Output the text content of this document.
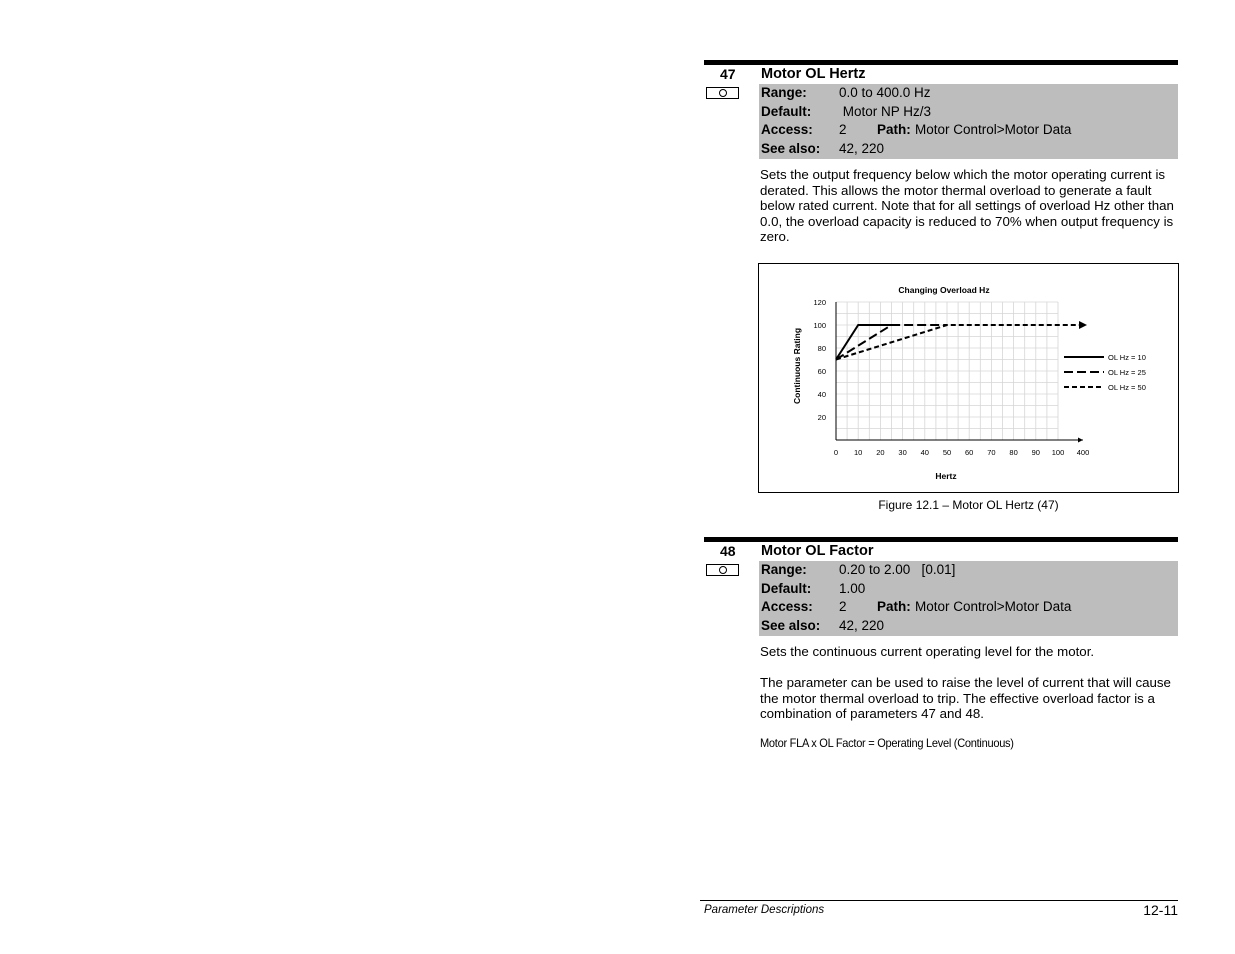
47 Motor OL Hertz
Range: 0.0 to 400.0 Hz
Default: Motor NP Hz/3
Access: 2 Path: Motor Control>Motor Data
See also: 42, 220

Sets the output frequency below which the motor operating current is derated. This allows the motor thermal overload to generate a fault below rated current. Note that for all settings of overload Hz other than 0.0, the overload capacity is reduced to 70% when output frequency is zero.

0 10 20 30 40 50 60 70 80 90 100 400
20
40
60
80
100
120
OL Hz = 10
OL Hz = 25
OL Hz = 50
Changing Overload Hz
Hertz
Continuous Rating
Figure 12.1 – Motor OL Hertz (47)
48 Motor OL Factor
Range: 0.20 to 2.00   [0.01]
Default: 1.00
Access: 2 Path: Motor Control>Motor Data
See also: 42, 220

Sets the continuous current operating level for the motor.

The parameter can be used to raise the level of current that will cause the motor thermal overload to trip. The effective overload factor is a combination of parameters 47 and 48.

Motor FLA x OL Factor = Operating Level (Continuous)
Parameter Descriptions	12-11
